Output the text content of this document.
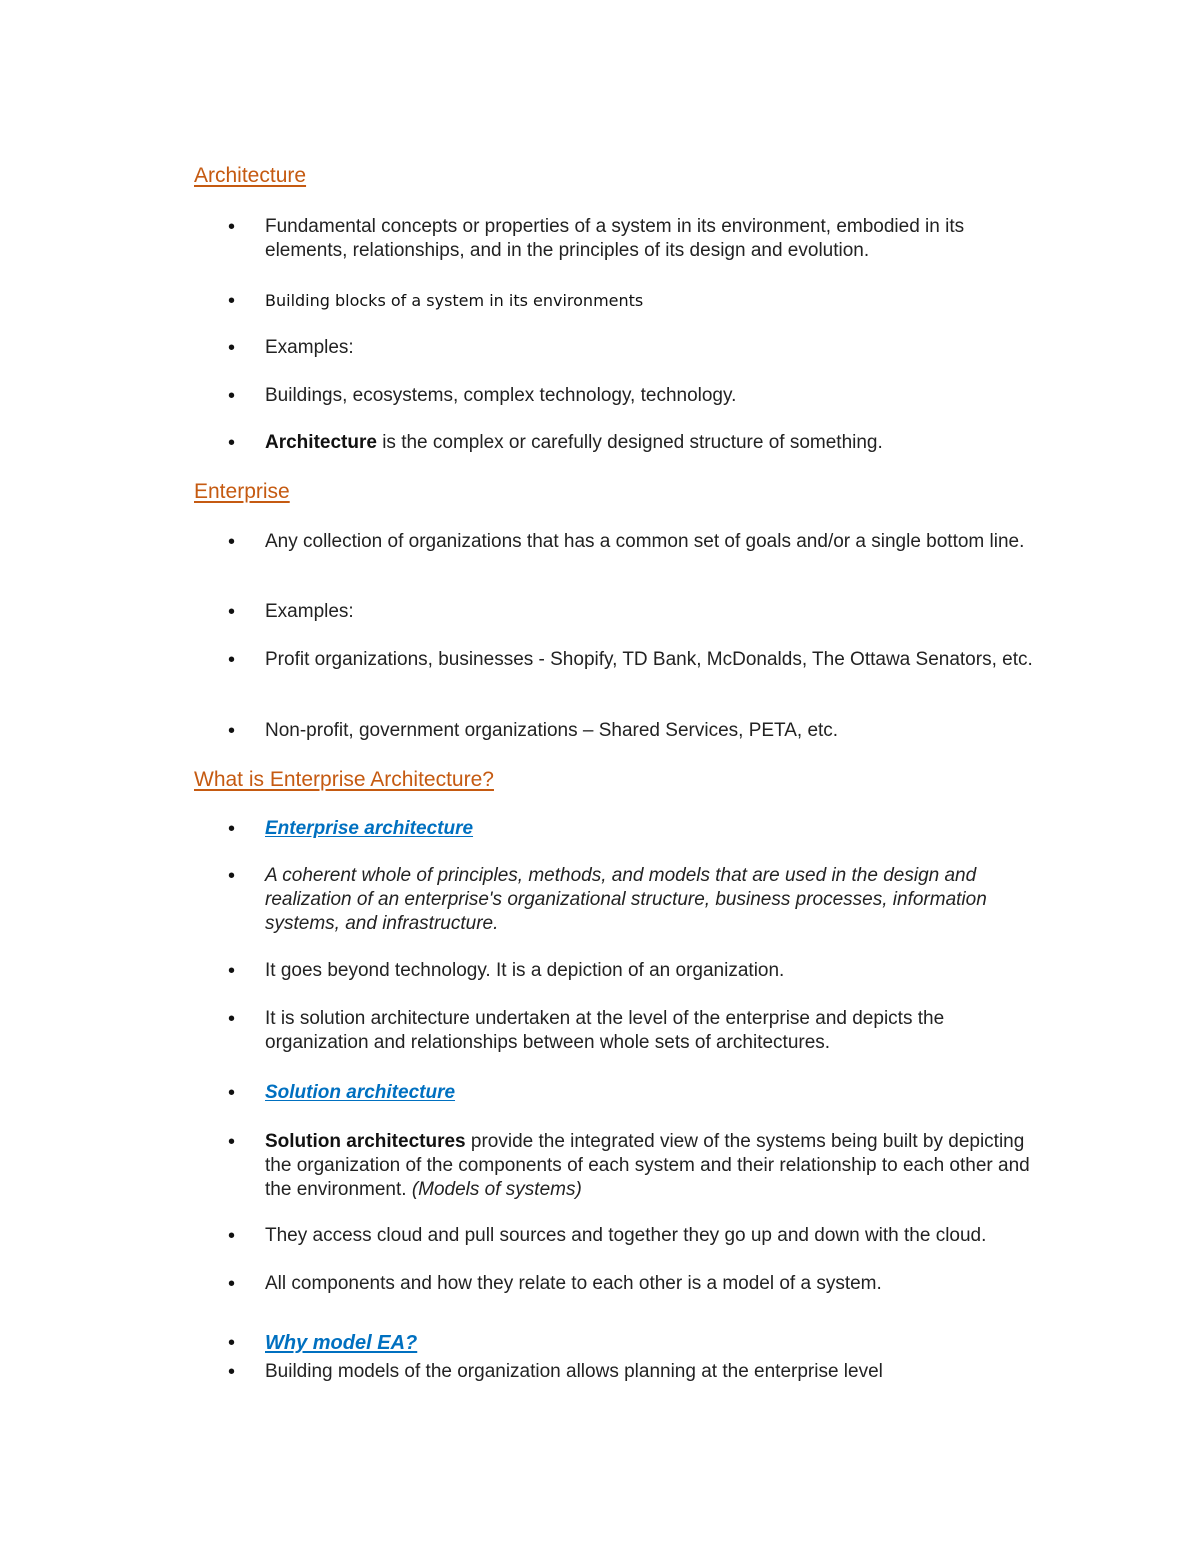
Architecture
• Fundamental concepts or properties of a system in its environment, embodied in its elements, relationships, and in the principles of its design and evolution.
• Building blocks of a system in its environments
• Examples:
• Buildings, ecosystems, complex technology, technology.
• Architecture is the complex or carefully designed structure of something.
Enterprise
• Any collection of organizations that has a common set of goals and/or a single bottom line.
• Examples:
• Profit organizations, businesses - Shopify, TD Bank, McDonalds, The Ottawa Senators, etc.
• Non-profit, government organizations – Shared Services, PETA, etc.
What is Enterprise Architecture?
• Enterprise architecture
• A coherent whole of principles, methods, and models that are used in the design and realization of an enterprise's organizational structure, business processes, information systems, and infrastructure.
• It goes beyond technology. It is a depiction of an organization.
• It is solution architecture undertaken at the level of the enterprise and depicts the organization and relationships between whole sets of architectures.
• Solution architecture
• Solution architectures provide the integrated view of the systems being built by depicting the organization of the components of each system and their relationship to each other and the environment. (Models of systems)
• They access cloud and pull sources and together they go up and down with the cloud.
• All components and how they relate to each other is a model of a system.
• Why model EA?
• Building models of the organization allows planning at the enterprise level
